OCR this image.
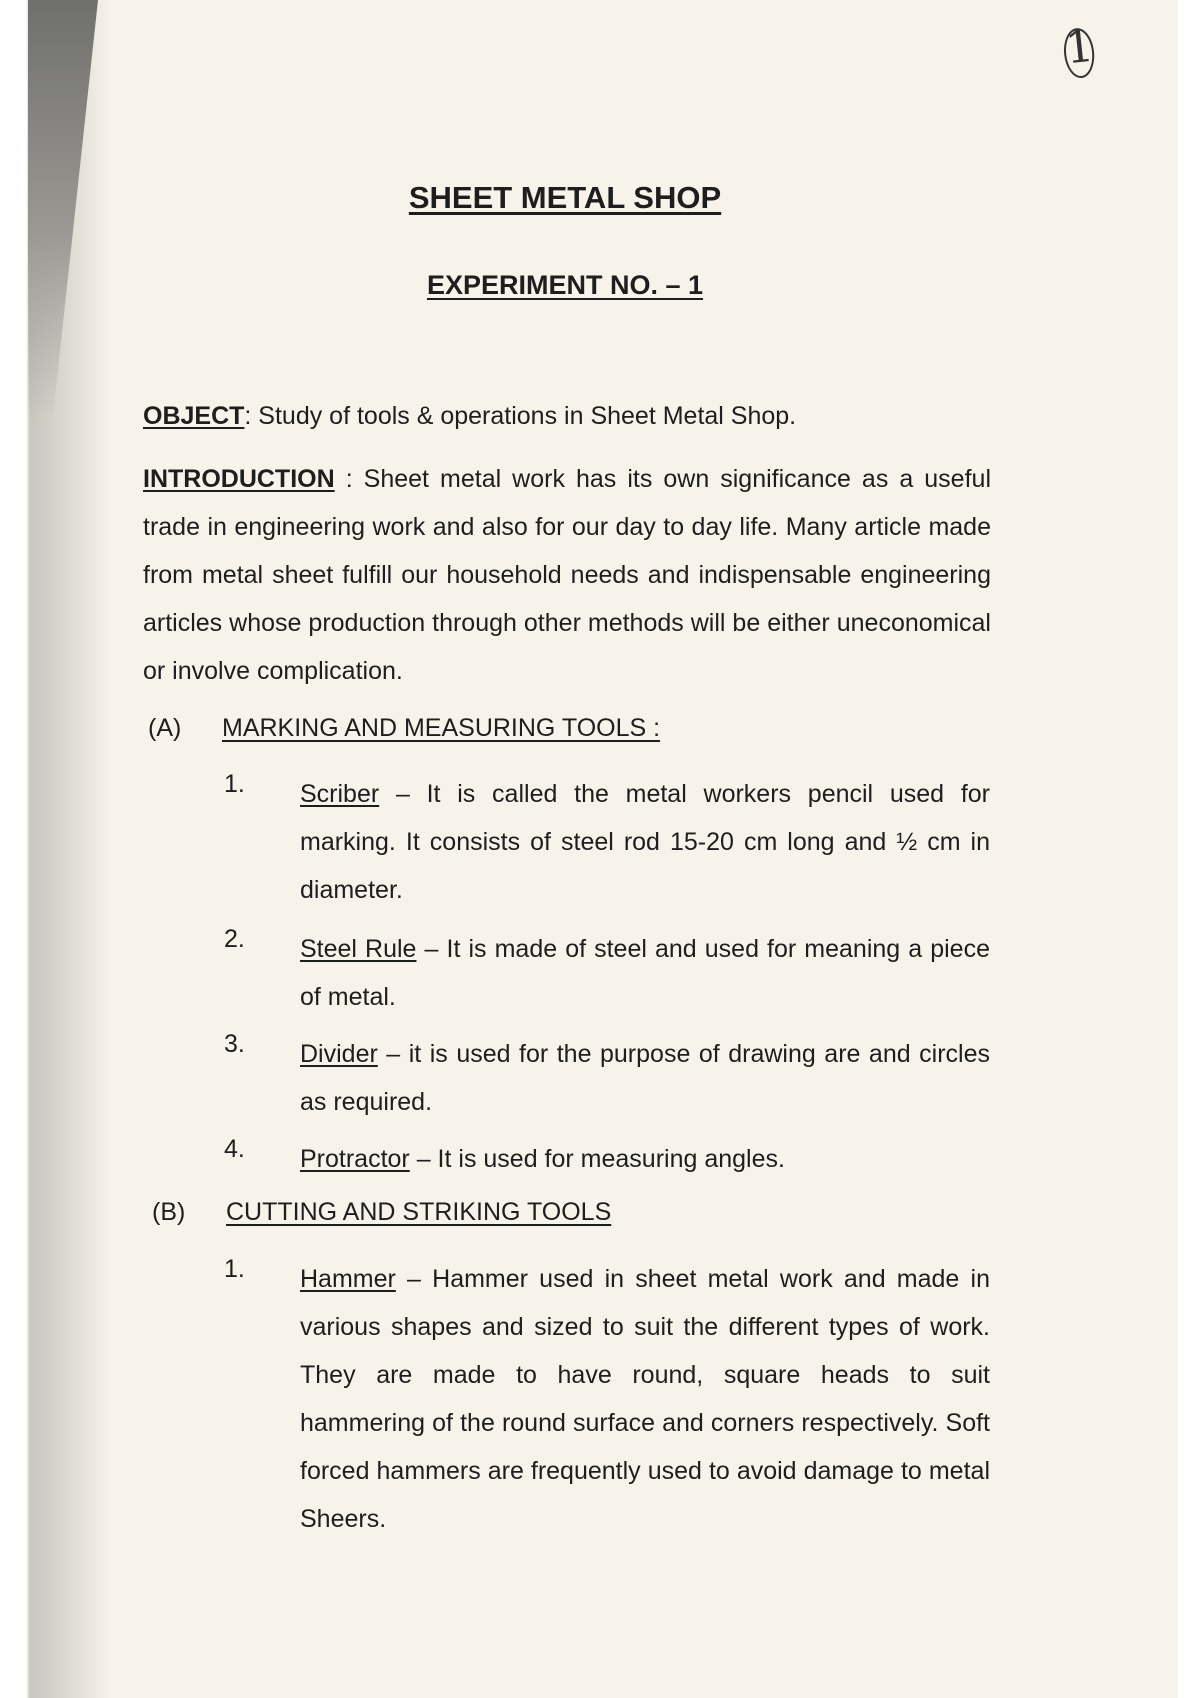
1
SHEET METAL SHOP
EXPERIMENT NO. – 1
OBJECT: Study of tools & operations in Sheet Metal Shop.
INTRODUCTION : Sheet metal work has its own significance as a useful trade in engineering work and also for our day to day life. Many article made from metal sheet fulfill our household needs and indispensable engineering articles whose production through other methods will be either uneconomical or involve complication.
(A) MARKING AND MEASURING TOOLS :
1. Scriber – It is called the metal workers pencil used for marking. It consists of steel rod 15-20 cm long and ½ cm in diameter.
2. Steel Rule – It is made of steel and used for meaning a piece of metal.
3. Divider – it is used for the purpose of drawing are and circles as required.
4. Protractor – It is used for measuring angles.
(B) CUTTING AND STRIKING TOOLS
1. Hammer – Hammer used in sheet metal work and made in various shapes and sized to suit the different types of work. They are made to have round, square heads to suit hammering of the round surface and corners respectively. Soft forced hammers are frequently used to avoid damage to metal Sheers.
